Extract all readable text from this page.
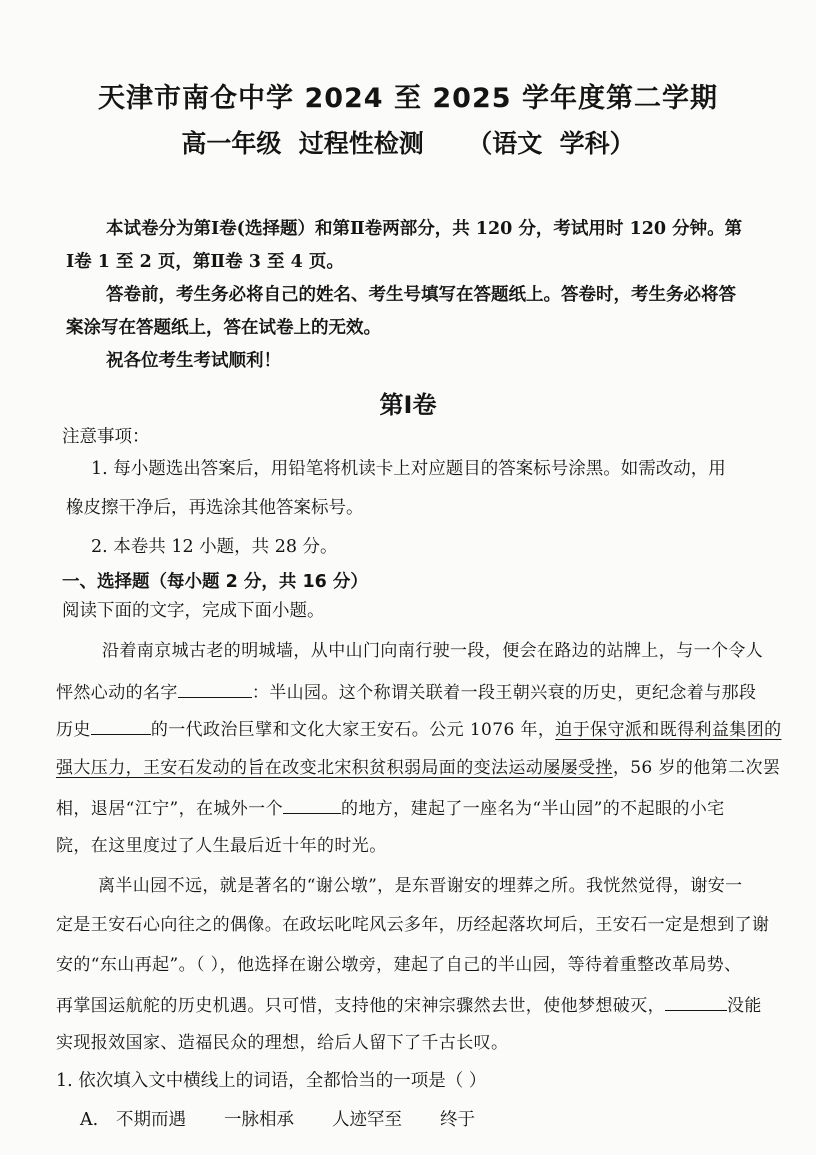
天津市南仓中学 2024 至 2025 学年度第二学期
高一年级  过程性检测 （语文  学科）
本试卷分为第Ⅰ卷(选择题）和第Ⅱ卷两部分，共 120 分，考试用时 120 分钟。第
Ⅰ卷 1 至 2 页，第Ⅱ卷 3 至 4 页。
答卷前，考生务必将自己的姓名、考生号填写在答题纸上。答卷时，考生务必将答
案涂写在答题纸上，答在试卷上的无效。
祝各位考生考试顺利！
第Ⅰ卷
注意事项：
1. 每小题选出答案后，用铅笔将机读卡上对应题目的答案标号涂黑。如需改动，用
橡皮擦干净后，再选涂其他答案标号。
2. 本卷共 12 小题，共 28 分。
一、选择题（每小题 2 分，共 16 分）
阅读下面的文字，完成下面小题。
沿着南京城古老的明城墙，从中山门向南行驶一段，便会在路边的站牌上，与一个令人
怦然心动的名字	：半山园。这个称谓关联着一段王朝兴衰的历史，更纪念着与那段
历史	的一代政治巨擘和文化大家王安石。公元 1076 年，迫于保守派和既得利益集团的
强大压力，王安石发动的旨在改变北宋积贫积弱局面的变法运动屡屡受挫，56 岁的他第二次罢
相，退居“江宁”，在城外一个	的地方，建起了一座名为“半山园”的不起眼的小宅
院，在这里度过了人生最后近十年的时光。
离半山园不远，就是著名的“谢公墩”，是东晋谢安的埋葬之所。我恍然觉得，谢安一
定是王安石心向往之的偶像。在政坛叱咤风云多年，历经起落坎坷后，王安石一定是想到了谢
安的“东山再起”。（ ），他选择在谢公墩旁，建起了自己的半山园，等待着重整改革局势、
再掌国运航舵的历史机遇。只可惜，支持他的宋神宗骤然去世，使他梦想破灭，	没能
实现报效国家、造福民众的理想，给后人留下了千古长叹。
1. 依次填入文中横线上的词语，全都恰当的一项是（ ）
A. 不期而遇 一脉相承 人迹罕至 终于
